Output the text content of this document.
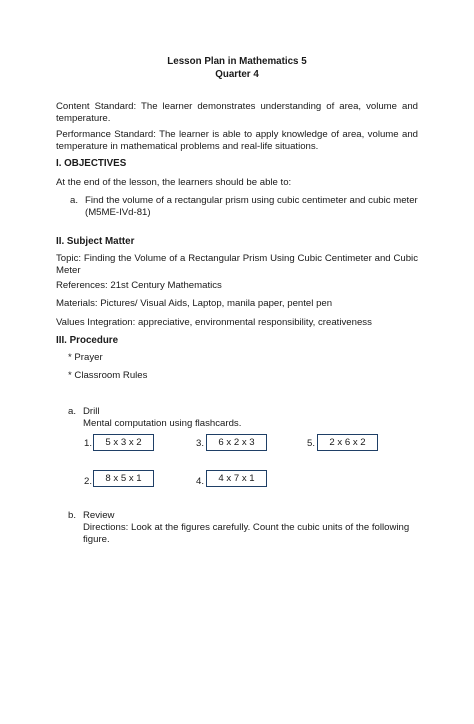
Lesson Plan in Mathematics 5
Quarter 4
Content Standard: The learner demonstrates understanding of area, volume and temperature.
Performance Standard: The learner is able to apply knowledge of area, volume and temperature in mathematical problems and real-life situations.
I. OBJECTIVES
At the end of the lesson, the learners should be able to:
a. Find the volume of a rectangular prism using cubic centimeter and cubic meter
(M5ME-IVd-81)
II. Subject Matter
Topic: Finding the Volume of a Rectangular Prism Using Cubic Centimeter and Cubic Meter
References: 21st Century Mathematics
Materials: Pictures/ Visual Aids, Laptop, manila paper, pentel pen
Values Integration: appreciative, environmental responsibility, creativeness
III. Procedure
* Prayer
* Classroom Rules
a. Drill
Mental computation using flashcards.
1.	5 x 3 x 2	3.	6 x 2 x 3	5.	2 x 6 x 2
2.	8 x 5 x 1	4.	4 x 7 x 1
b. Review
Directions: Look at the figures carefully. Count the cubic units of the following
figure.
